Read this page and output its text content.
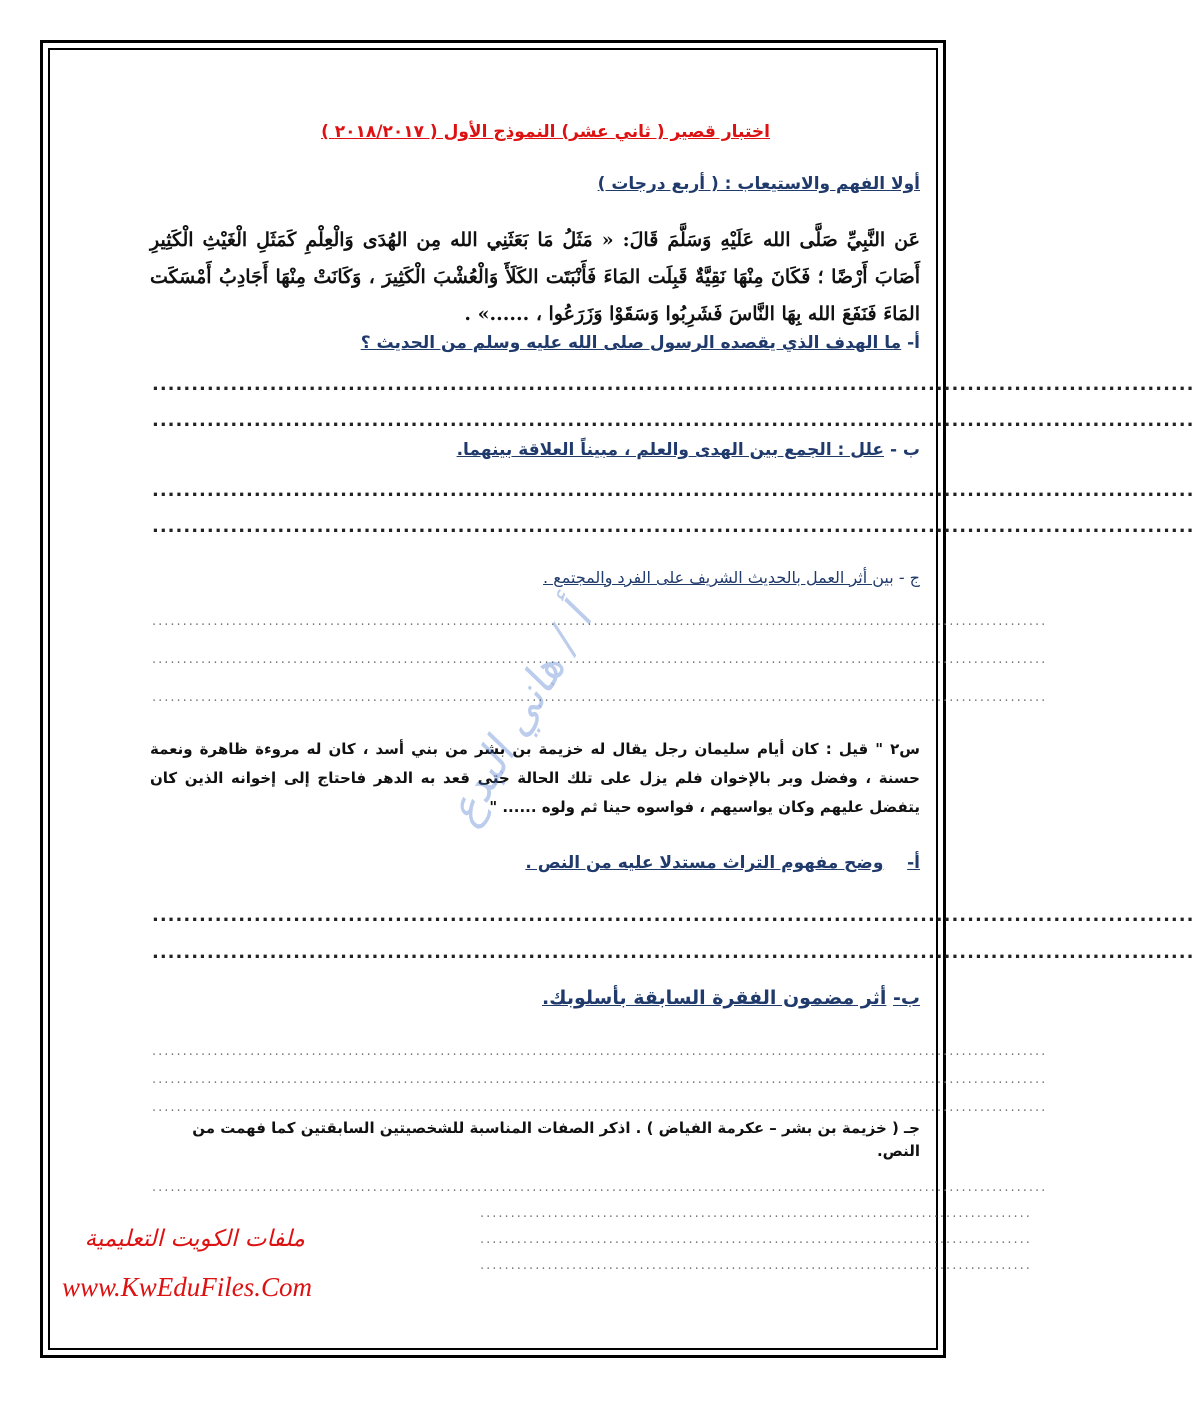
اختبار قصير ( ثاني عشر) النموذج الأول ( ٢٠١٨/٢٠١٧ )
أولا الفهم والاستيعاب : ( أربع درجات )
عَن النَّبِيِّ صَلَّى الله عَلَيْهِ وَسَلَّمَ قَالَ: « مَثَلُ مَا بَعَثَنِي الله مِن الهُدَى وَالْعِلْمِ كَمَثَلِ الْغَيْثِ الْكَثِيرِ أَصَابَ أَرْضًا ؛ فَكَانَ مِنْهَا نَقِيَّةٌ قَبِلَت المَاءَ فَأَنْبَتَت الكَلَأَ وَالْعُشْبَ الْكَثِيرَ ، وَكَانَتْ مِنْهَا أَجَادِبُ أَمْسَكَت المَاءَ فَنَفَعَ الله بِهَا النَّاسَ فَشَرِبُوا وَسَقَوْا وَزَرَعُوا ، ......» .
أ- ما الهدف الذي يقصده الرسول صلى الله عليه وسلم من الحديث ؟
.....................................................................................................................................
.....................................................................................................................................
ب - علل : الجمع بين الهدى والعلم ، مبيناً العلاقة بينهما.
.....................................................................................................................................
.....................................................................................................................................
ج - بين أثر العمل بالحديث الشريف على الفرد والمجتمع .
..................................................................................................................................................
..................................................................................................................................................
..................................................................................................................................................
س٢ " قيل : كان أيام سليمان رجل يقال له خزيمة بن بشر من بني أسد ، كان له مروءة ظاهرة ونعمة حسنة ، وفضل وبر بالإخوان فلم يزل على تلك الحالة حتى قعد به الدهر فاحتاج إلى إخوانه الذين كان يتفضل عليهم وكان يواسيهم ، فواسوه حينا ثم ولوه ...... "
أ-    وضح مفهوم التراث مستدلا عليه من النص .
.....................................................................................................................................
.....................................................................................................................................
ب- أثر مضمون الفقرة السابقة بأسلوبك.
..................................................................................................................................................
..................................................................................................................................................
..................................................................................................................................................
جـ ( خزيمة بن بشر – عكرمة الفياض ) . اذكر الصفات المناسبة للشخصيتين السابقتين كما فهمت من النص.
..................................................................................................................................................
..........................................................................................
..........................................................................................
..........................................................................................
أ / هاني البدع
ملفات الكويت التعليمية
www.KwEduFiles.Com
